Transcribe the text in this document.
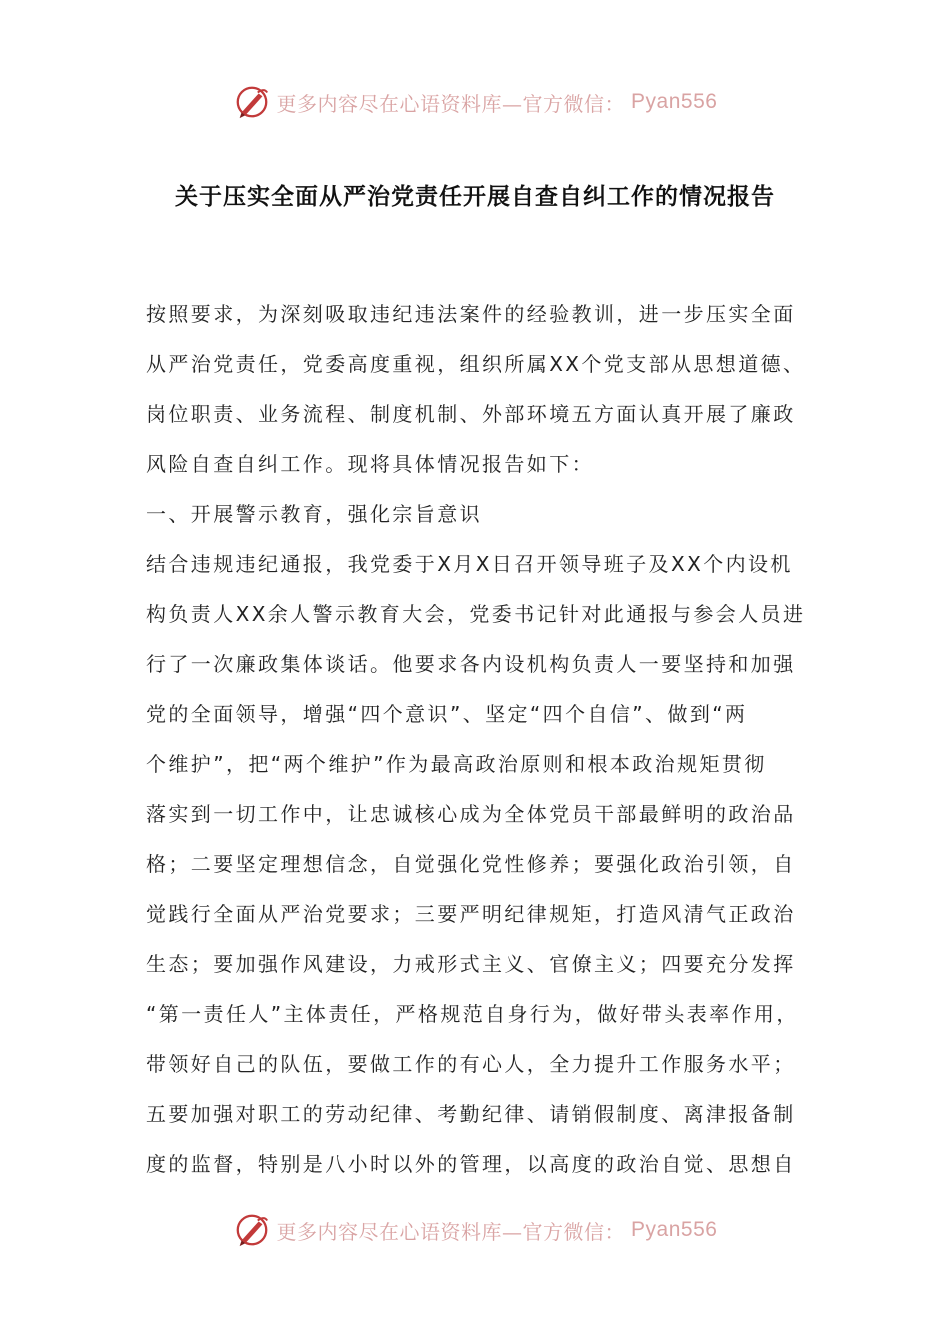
更多内容尽在心语资料库—官方微信： Pyan556
关于压实全面从严治党责任开展自查自纠工作的情况报告
按照要求，为深刻吸取违纪违法案件的经验教训，进一步压实全面
从严治党责任，党委高度重视，组织所属XX个党支部从思想道德、
岗位职责、业务流程、制度机制、外部环境五方面认真开展了廉政
风险自查自纠工作。现将具体情况报告如下：
一、开展警示教育，强化宗旨意识
结合违规违纪通报，我党委于X月X日召开领导班子及XX个内设机
构负责人XX余人警示教育大会，党委书记针对此通报与参会人员进
行了一次廉政集体谈话。他要求各内设机构负责人一要坚持和加强
党的全面领导，增强“四个意识”、坚定“四个自信”、做到“两
个维护”，把“两个维护”作为最高政治原则和根本政治规矩贯彻
落实到一切工作中，让忠诚核心成为全体党员干部最鲜明的政治品
格；二要坚定理想信念，自觉强化党性修养；要强化政治引领，自
觉践行全面从严治党要求；三要严明纪律规矩，打造风清气正政治
生态；要加强作风建设，力戒形式主义、官僚主义；四要充分发挥
“第一责任人”主体责任，严格规范自身行为，做好带头表率作用，
带领好自己的队伍，要做工作的有心人，全力提升工作服务水平；
五要加强对职工的劳动纪律、考勤纪律、请销假制度、离津报备制
度的监督，特别是八小时以外的管理，以高度的政治自觉、思想自
更多内容尽在心语资料库—官方微信： Pyan556
